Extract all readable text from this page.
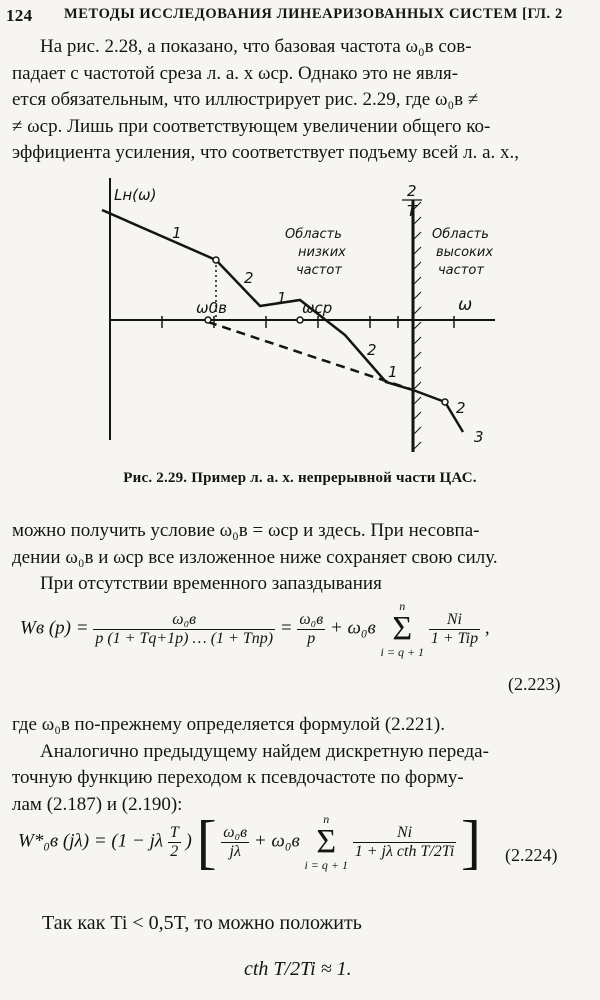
124 МЕТОДЫ ИССЛЕДОВАНИЯ ЛИНЕАРИЗОВАННЫХ СИСТЕМ [ГЛ. 2
На рис. 2.28, а показано, что базовая частота ω₀в сов-
падает с частотой среза л. а. х ωср. Однако это не явля-
ется обязательным, что иллюстрирует рис. 2.29, где ω₀в ≠
≠ ωср. Лишь при соответствующем увеличении общего ко-
эффициента усиления, что соответствует подъему всей л. а. х.,
Lн(ω)
ω
ω0в	ωср
Область
низких
частот
Область
высоких
частот
2
T
1
2
1
2
1
2
3
Рис. 2.29. Пример л. а. х. непрерывной части ЦАС.
можно получить условие ω₀в = ωср и здесь. При несовпа-
дении ω₀в и ωср все изложенное ниже сохраняет свою силу.
При отсутствии временного запаздывания
Wв $(p) = \frac{\text{ω₀в}}{\text{p (1 + Tq+1p) … (1 + Tnp)}} = \frac{\text{ω₀в}}{p} + \omega_0в$
n
Σ
i = q + 1

$\frac{Ni}{\text{1 + Tip}}$ ,
(2.223)
где ω₀в по-прежнему определяется формулой (2.221).
Аналогично предыдущему найдем дискретную переда-
точную функцию переходом к псевдочастоте по форму-
лам (2.187) и (2.190):
W*₀в (jλ) = (1 − jλ $\frac{T}{2}$ ) [ $\frac{\text{ω₀в}}{j\lambda} + \omega_0в$
n
Σ
i = q + 1

$\frac{Ni}{\text{1 + jλ cth T/2Ti}}$ ] (2.224)
Так как Ti < 0,5T, то можно положить
cth T/2Ti ≈ 1.
